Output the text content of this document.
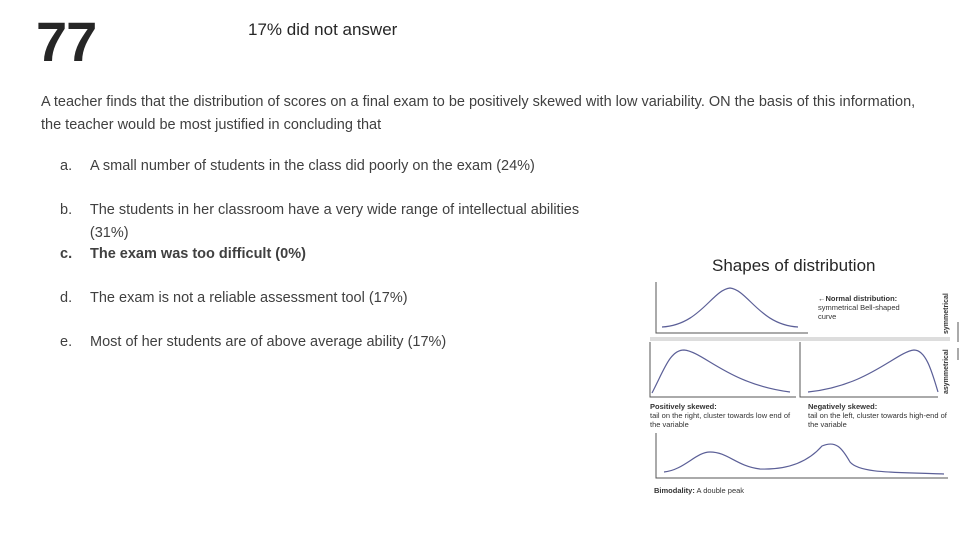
77	17% did not answer
A teacher finds that the distribution of scores on a final exam to be positively skewed with low variability. ON the basis of this information, the teacher would be most justified in concluding that
a.	A small number of students in the class did poorly on the exam (24%)
b.	The students in her classroom have a very wide range of intellectual abilities (31%)
c.	The exam was too difficult (0%)
d.	The exam is not a reliable assessment tool (17%)
e.	Most of her students are of above average ability (17%)
Shapes of distribution
←Normal distribution:
symmetrical Bell-shaped curve	symmetrical
asymmetrical
Positively skewed:
tail on the right, cluster towards low end of the variable
Negatively skewed:
tail on the left, cluster towards high-end of the variable
Bimodality: A double peak
